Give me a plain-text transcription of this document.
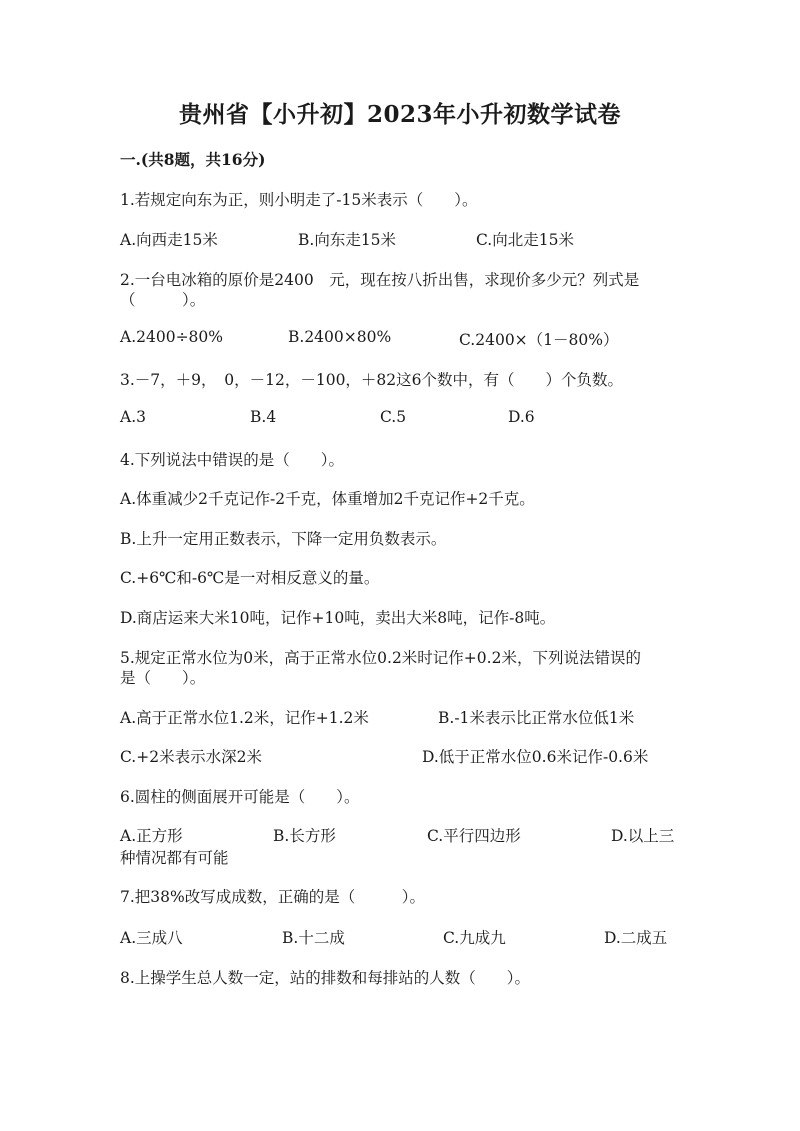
贵州省【小升初】2023年小升初数学试卷
一.(共8题，共16分)
1.若规定向东为正，则小明走了-15米表示（　　）。
A.向西走15米	B.向东走15米	C.向北走15米
2.一台电冰箱的原价是2400　元，现在按八折出售，求现价多少元？列式是
（　　　）。
A.2400÷80%	B.2400×80%	C.2400×（1－80%）
3.－7，＋9，　0，－12，－100，＋82这6个数中，有（　　）个负数。
A.3	B.4	C.5	D.6
4.下列说法中错误的是（　　）。
A.体重减少2千克记作-2千克，体重增加2千克记作+2千克。
B.上升一定用正数表示，下降一定用负数表示。
C.+6℃和-6℃是一对相反意义的量。
D.商店运来大米10吨，记作+10吨，卖出大米8吨，记作-8吨。
5.规定正常水位为0米，高于正常水位0.2米时记作+0.2米，下列说法错误的
是（　　）。
A.高于正常水位1.2米，记作+1.2米	B.-1米表示比正常水位低1米
C.+2米表示水深2米	D.低于正常水位0.6米记作-0.6米
6.圆柱的侧面展开可能是（　　）。
A.正方形	B.长方形	C.平行四边形	D.以上三
种情况都有可能
7.把38%改写成成数，正确的是（　　　）。
A.三成八	B.十二成	C.九成九	D.二成五
8.上操学生总人数一定，站的排数和每排站的人数（　　）。
